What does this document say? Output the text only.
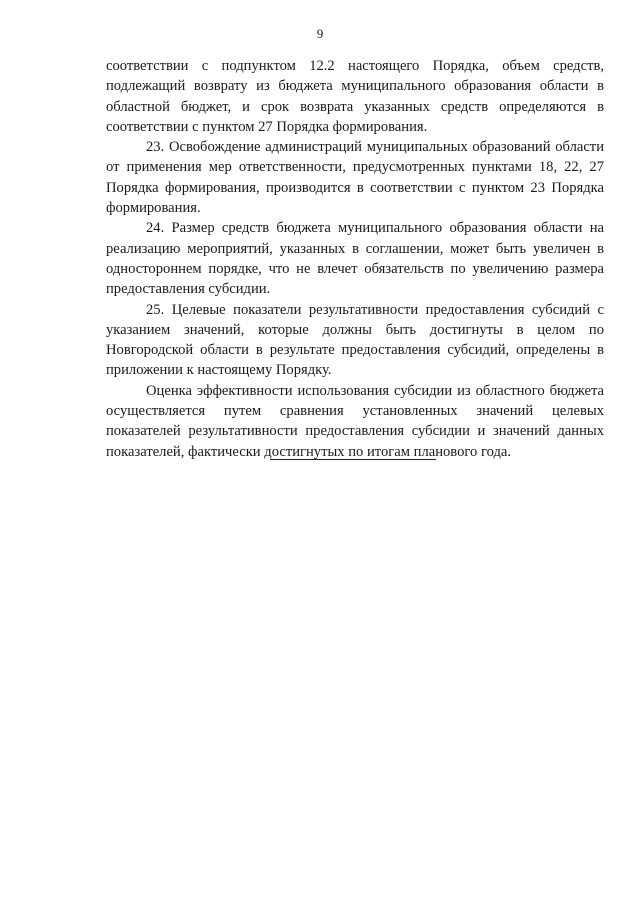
9

соответствии с подпунктом 12.2 настоящего Порядка, объем средств, подлежащий возврату из бюджета муниципального образования области в областной бюджет, и срок возврата указанных средств определяются в соответствии с пунктом 27 Порядка формирования.

23. Освобождение администраций муниципальных образований области от применения мер ответственности, предусмотренных пунктами 18, 22, 27 Порядка формирования, производится в соответствии с пунктом 23 Порядка формирования.

24. Размер средств бюджета муниципального образования области на реализацию мероприятий, указанных в соглашении, может быть увеличен в одностороннем порядке, что не влечет обязательств по увеличению размера предоставления субсидии.

25. Целевые показатели результативности предоставления субсидий с указанием значений, которые должны быть достигнуты в целом по Новгородской области в результате предоставления субсидий, определены в приложении к настоящему Порядку.

Оценка эффективности использования субсидии из областного бюджета осуществляется путем сравнения установленных значений целевых показателей результативности предоставления субсидии и значений данных показателей, фактически достигнутых по итогам планового года.
